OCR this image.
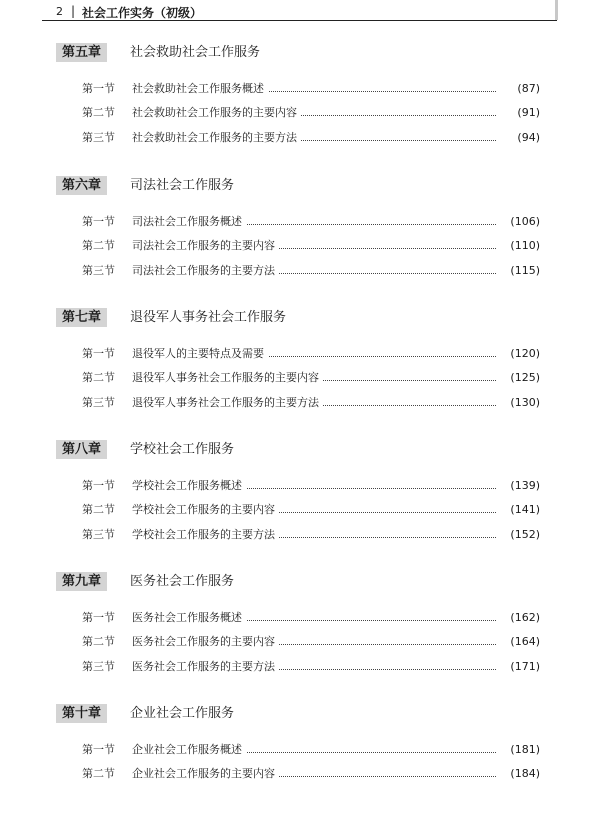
2 | 社会工作实务（初级）
第五章	社会救助社会工作服务
第一节 社会救助社会工作服务概述	(87)
第二节 社会救助社会工作服务的主要内容	(91)
第三节 社会救助社会工作服务的主要方法	(94)
第六章	司法社会工作服务
第一节 司法社会工作服务概述	(106)
第二节 司法社会工作服务的主要内容	(110)
第三节 司法社会工作服务的主要方法	(115)
第七章	退役军人事务社会工作服务
第一节 退役军人的主要特点及需要	(120)
第二节 退役军人事务社会工作服务的主要内容	(125)
第三节 退役军人事务社会工作服务的主要方法	(130)
第八章	学校社会工作服务
第一节 学校社会工作服务概述	(139)
第二节 学校社会工作服务的主要内容	(141)
第三节 学校社会工作服务的主要方法	(152)
第九章	医务社会工作服务
第一节 医务社会工作服务概述	(162)
第二节 医务社会工作服务的主要内容	(164)
第三节 医务社会工作服务的主要方法	(171)
第十章	企业社会工作服务
第一节 企业社会工作服务概述	(181)
第二节 企业社会工作服务的主要内容	(184)
